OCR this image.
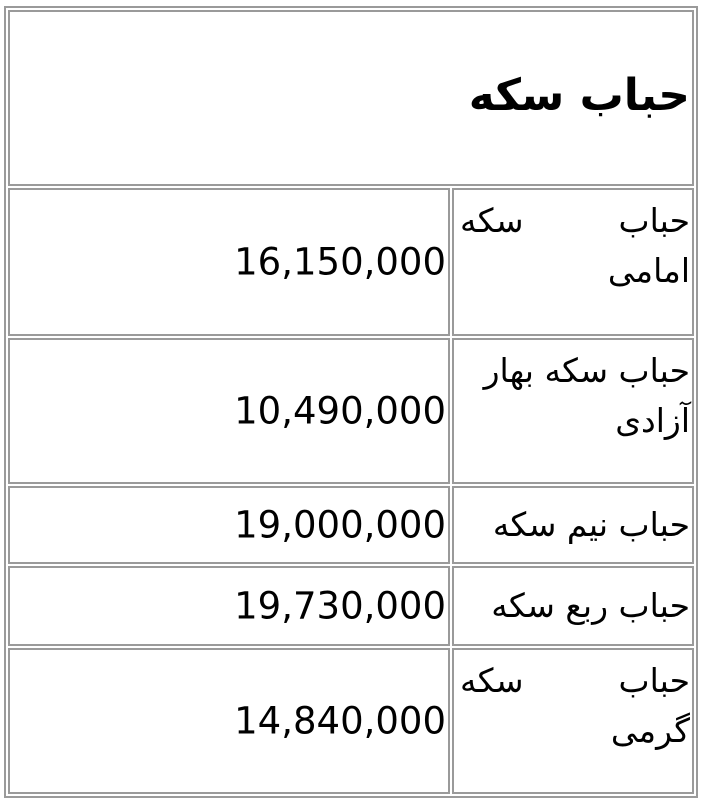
حباب سکه
16,150,000
حباب سکه امامی
10,490,000
حباب سکه بهار آزادی
19,000,000 حباب نیم سکه
19,730,000 حباب ربع سکه
14,840,000
حباب سکه گرمی
